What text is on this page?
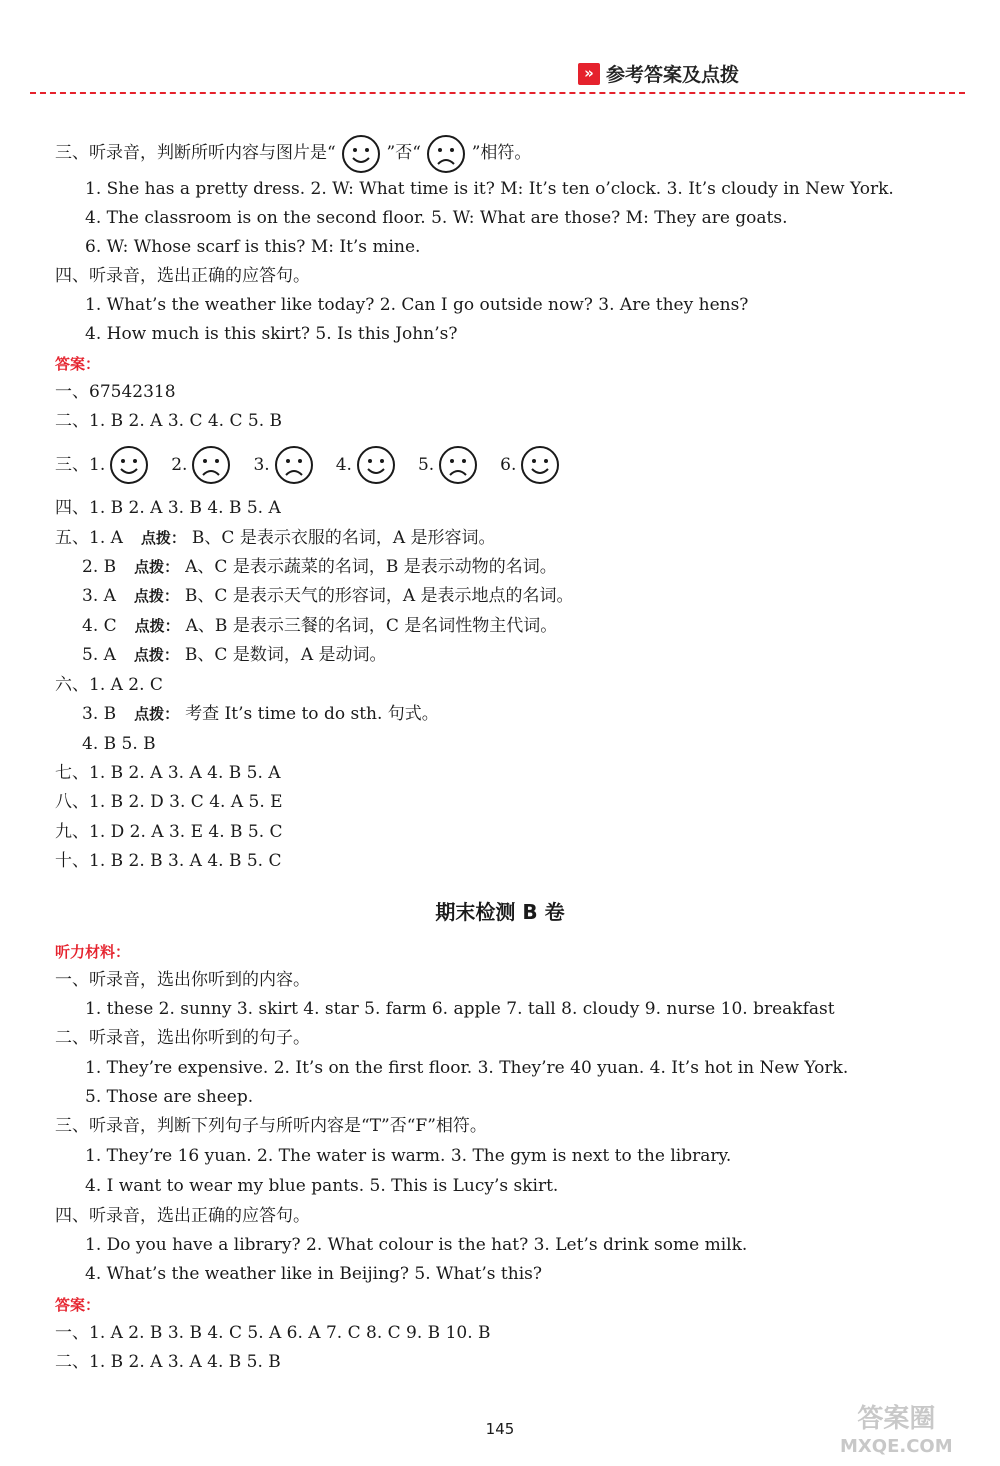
» 参考答案及点拨
三、听录音，判断所听内容与图片是“	”否“	”相符。
1. She has a pretty dress. 2. W: What time is it? M: It’s ten o’clock. 3. It’s cloudy in New York.
4. The classroom is on the second floor. 5. W: What are those? M: They are goats.
6. W: Whose scarf is this? M: It’s mine.
四、听录音，选出正确的应答句。
1. What’s the weather like today? 2. Can I go outside now? 3. Are they hens?
4. How much is this skirt? 5. Is this John’s?
答案：
一、67542318
二、1. B 2. A 3. C 4. C 5. B
三、 1.	2.	3.	4.	5.	6.
四、1. B 2. A 3. B 4. B 5. A
五、1. A 点拨： B、C 是表示衣服的名词，A 是形容词。
2. B 点拨： A、C 是表示蔬菜的名词，B 是表示动物的名词。
3. A 点拨： B、C 是表示天气的形容词，A 是表示地点的名词。
4. C 点拨： A、B 是表示三餐的名词，C 是名词性物主代词。
5. A 点拨： B、C 是数词，A 是动词。
六、1. A 2. C
3. B 点拨： 考查 It’s time to do sth. 句式。
4. B 5. B
七、1. B 2. A 3. A 4. B 5. A
八、1. B 2. D 3. C 4. A 5. E
九、1. D 2. A 3. E 4. B 5. C
十、1. B 2. B 3. A 4. B 5. C
期末检测 B 卷
听力材料：
一、听录音，选出你听到的内容。
1. these 2. sunny 3. skirt 4. star 5. farm 6. apple 7. tall 8. cloudy 9. nurse 10. breakfast
二、听录音，选出你听到的句子。
1. They’re expensive. 2. It’s on the first floor. 3. They’re 40 yuan. 4. It’s hot in New York.
5. Those are sheep.
三、听录音，判断下列句子与所听内容是“T”否“F”相符。
1. They’re 16 yuan. 2. The water is warm. 3. The gym is next to the library.
4. I want to wear my blue pants. 5. This is Lucy’s skirt.
四、听录音，选出正确的应答句。
1. Do you have a library? 2. What colour is the hat? 3. Let’s drink some milk.
4. What’s the weather like in Beijing? 5. What’s this?
答案：
一、1. A 2. B 3. B 4. C 5. A 6. A 7. C 8. C 9. B 10. B
二、1. B 2. A 3. A 4. B 5. B
145	答案圈
MXQE.COM
